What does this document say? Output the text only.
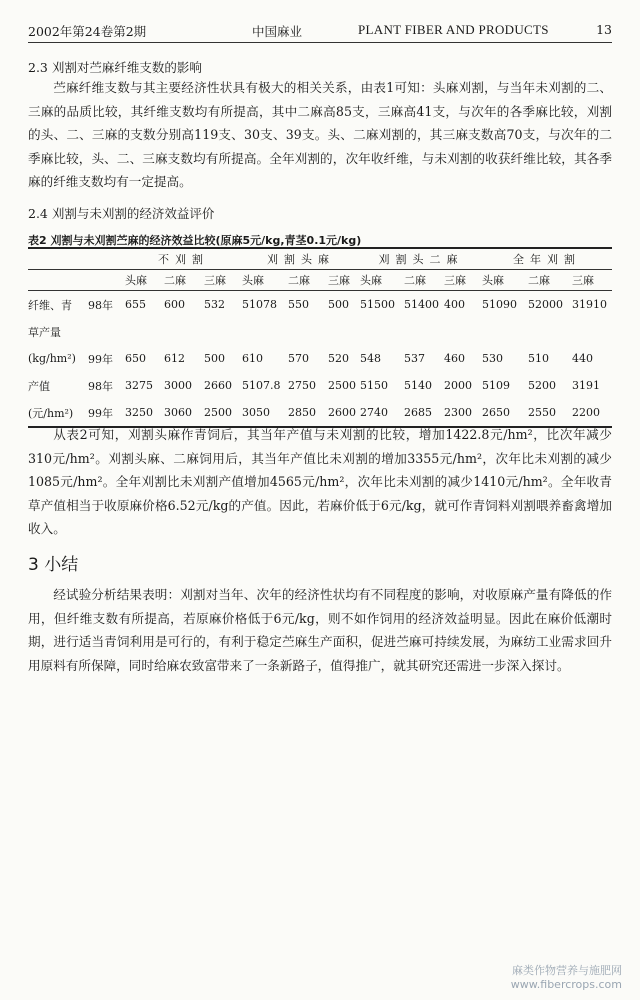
2002年第24卷第2期	中国麻业	PLANT FIBER AND PRODUCTS	13
2.3 刈割对苎麻纤维支数的影响

苎麻纤维支数与其主要经济性状具有极大的相关关系，由表1可知：头麻刈割，与当年未刈割的二、三麻的品质比较，其纤维支数均有所提高，其中二麻高85支，三麻高41支，与次年的各季麻比较，刈割的头、二、三麻的支数分别高119支、30支、39支。头、二麻刈割的，其三麻支数高70支，与次年的二季麻比较，头、二、三麻支数均有所提高。全年刈割的，次年收纤维，与未刈割的收获纤维比较，其各季麻的纤维支数均有一定提高。

2.4 刈割与未刈割的经济效益评价
表2 刈割与未刈割苎麻的经济效益比较(原麻5元/kg,青茎0.1元/kg)
		不刈割			刈割头麻			刈割头二麻			全年刈割		
		头麻	二麻	三麻	头麻	二麻	三麻	头麻	二麻	三麻	头麻	二麻	三麻
纤维、青	98年	655	600	532	51078	550	500	51500	51400	400	51090	52000	31910
草产量													
(kg/hm²)	99年	650	612	500	610	570	520	548	537	460	530	510	440
产值	98年	3275	3000	2660	5107.8	2750	2500	5150	5140	2000	5109	5200	3191
(元/hm²)	99年	3250	3060	2500	3050	2850	2600	2740	2685	2300	2650	2550	2200

从表2可知，刈割头麻作青饲后，其当年产值与未刈割的比较，增加1422.8元/hm²，比次年减少310元/hm²。刈割头麻、二麻饲用后，其当年产值比未刈割的增加3355元/hm²，次年比未刈割的减少1085元/hm²。全年刈割比未刈割产值增加4565元/hm²，次年比未刈割的减少1410元/hm²。全年收青草产值相当于收原麻价格6.52元/kg的产值。因此，若麻价低于6元/kg，就可作青饲料刈割喂养畜禽增加收入。

3 小结

经试验分析结果表明：刈割对当年、次年的经济性状均有不同程度的影响，对收原麻产量有降低的作用，但纤维支数有所提高，若原麻价格低于6元/kg，则不如作饲用的经济效益明显。因此在麻价低潮时期，进行适当青饲利用是可行的，有利于稳定苎麻生产面积，促进苎麻可持续发展，为麻纺工业需求回升用原料有所保障，同时给麻农致富带来了一条新路子，值得推广，就其研究还需进一步深入探讨。

麻类作物营养与施肥网
www.fibercrops.com
